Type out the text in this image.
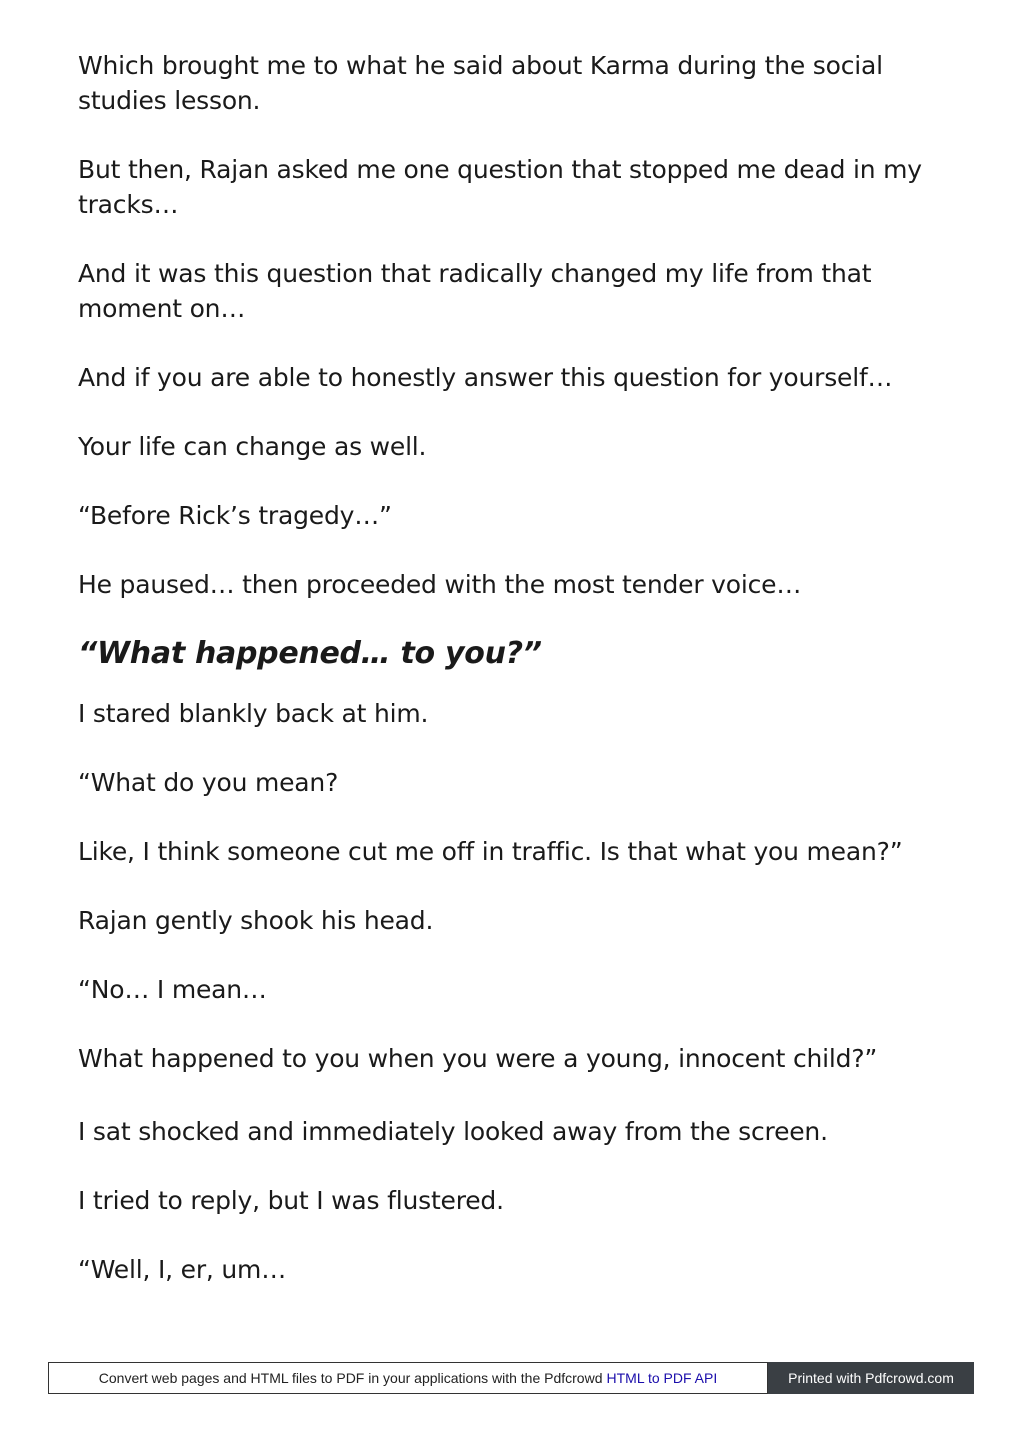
Which brought me to what he said about Karma during the social studies lesson.

But then, Rajan asked me one question that stopped me dead in my tracks…

And it was this question that radically changed my life from that moment on…

And if you are able to honestly answer this question for yourself…

Your life can change as well.

“Before Rick’s tragedy…”

He paused… then proceeded with the most tender voice…

“What happened… to you?”

I stared blankly back at him.

“What do you mean?

Like, I think someone cut me off in traffic. Is that what you mean?”

Rajan gently shook his head.

“No… I mean…

What happened to you when you were a young, innocent child?”

I sat shocked and immediately looked away from the screen.

I tried to reply, but I was flustered.

“Well, I, er, um…

Convert web pages and HTML files to PDF in your applications with the Pdfcrowd HTML to PDF API	Printed with Pdfcrowd.com
